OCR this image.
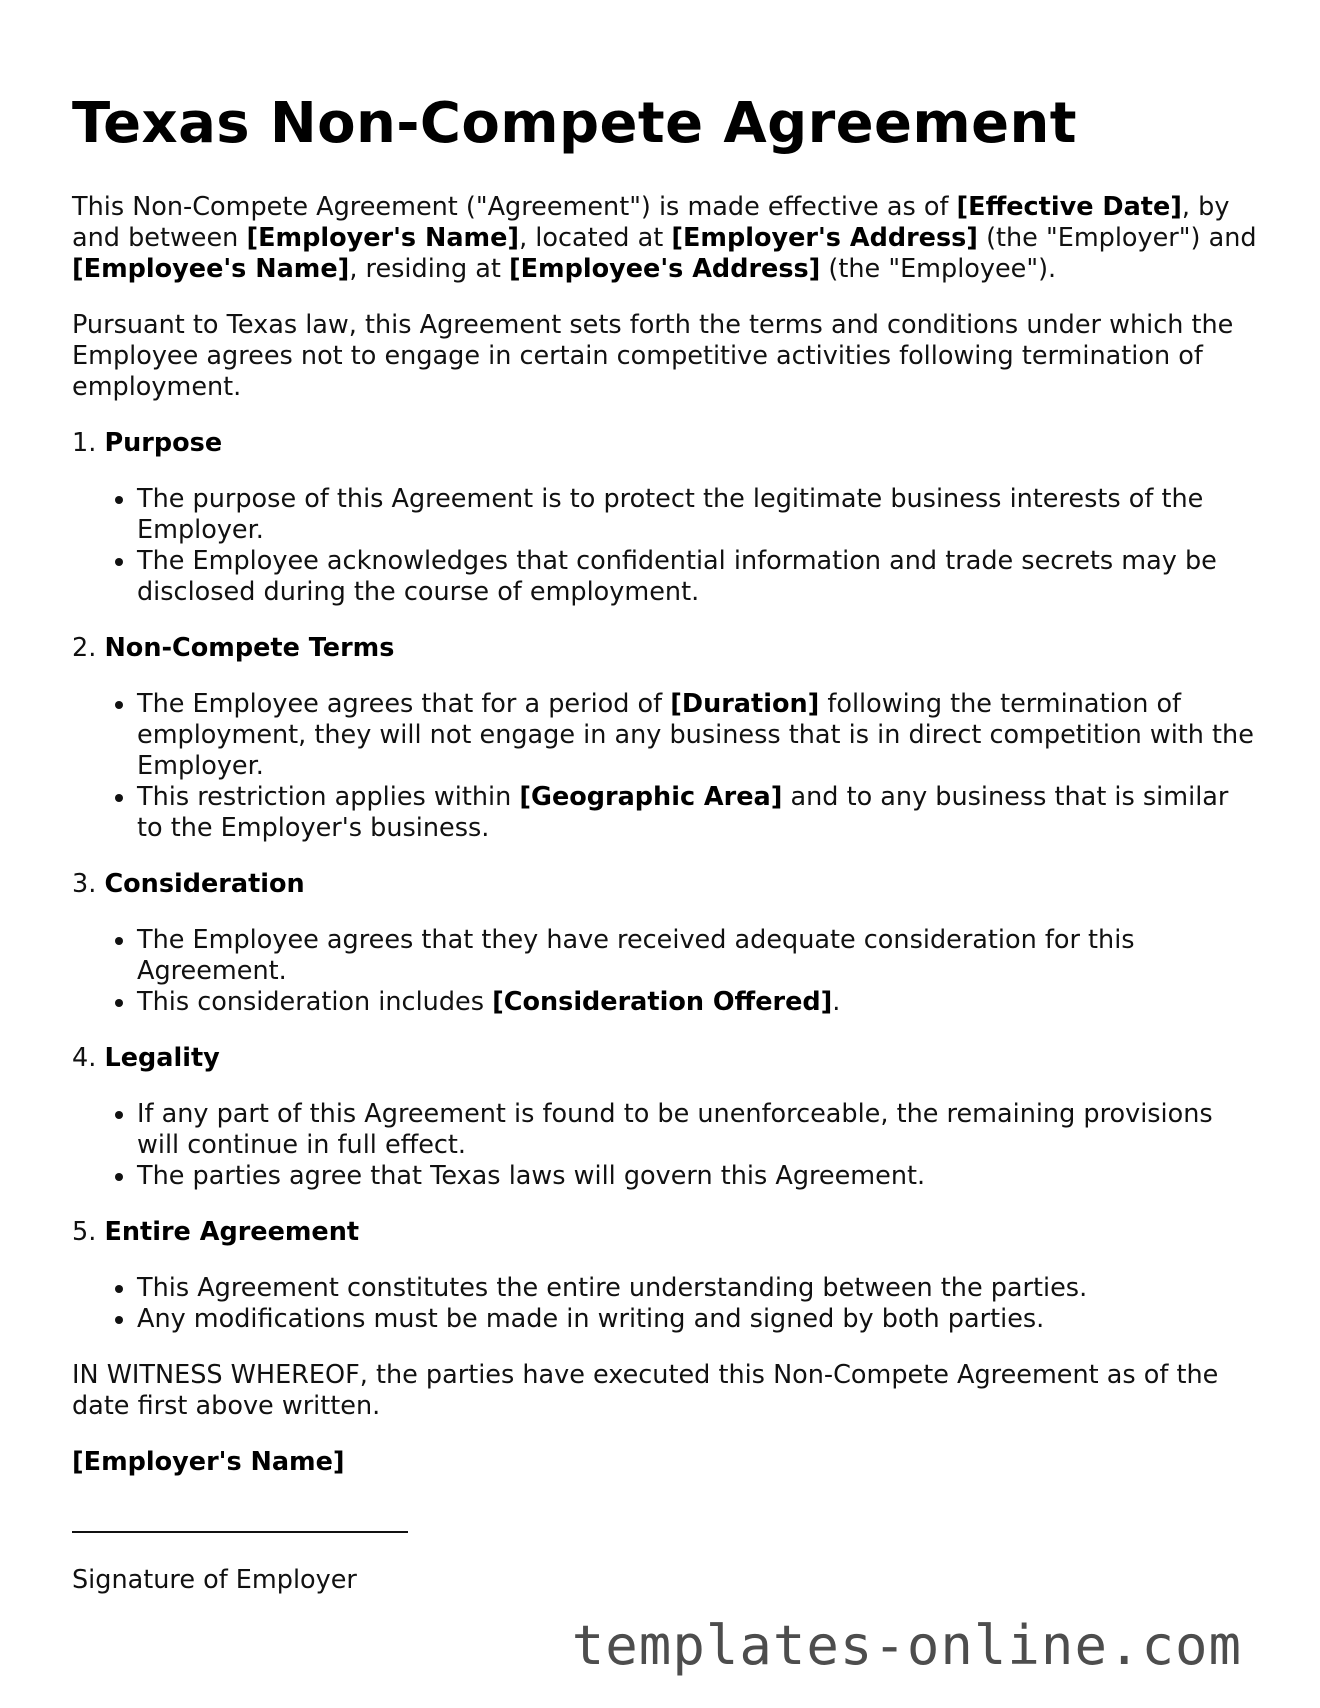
Texas Non-Compete Agreement

This Non-Compete Agreement ("Agreement") is made effective as of [Effective Date], by and between [Employer's Name], located at [Employer's Address] (the "Employer") and [Employee's Name], residing at [Employee's Address] (the "Employee").

Pursuant to Texas law, this Agreement sets forth the terms and conditions under which the Employee agrees not to engage in certain competitive activities following termination of employment.

1. Purpose
• The purpose of this Agreement is to protect the legitimate business interests of the Employer.
• The Employee acknowledges that confidential information and trade secrets may be disclosed during the course of employment.
2. Non-Compete Terms
• The Employee agrees that for a period of [Duration] following the termination of employment, they will not engage in any business that is in direct competition with the Employer.
• This restriction applies within [Geographic Area] and to any business that is similar to the Employer's business.
3. Consideration
• The Employee agrees that they have received adequate consideration for this Agreement.
• This consideration includes [Consideration Offered].
4. Legality
• If any part of this Agreement is found to be unenforceable, the remaining provisions will continue in full effect.
• The parties agree that Texas laws will govern this Agreement.
5. Entire Agreement
• This Agreement constitutes the entire understanding between the parties.
• Any modifications must be made in writing and signed by both parties.

IN WITNESS WHEREOF, the parties have executed this Non-Compete Agreement as of the date first above written.

[Employer's Name]
Signature of Employer
templates-online.com
